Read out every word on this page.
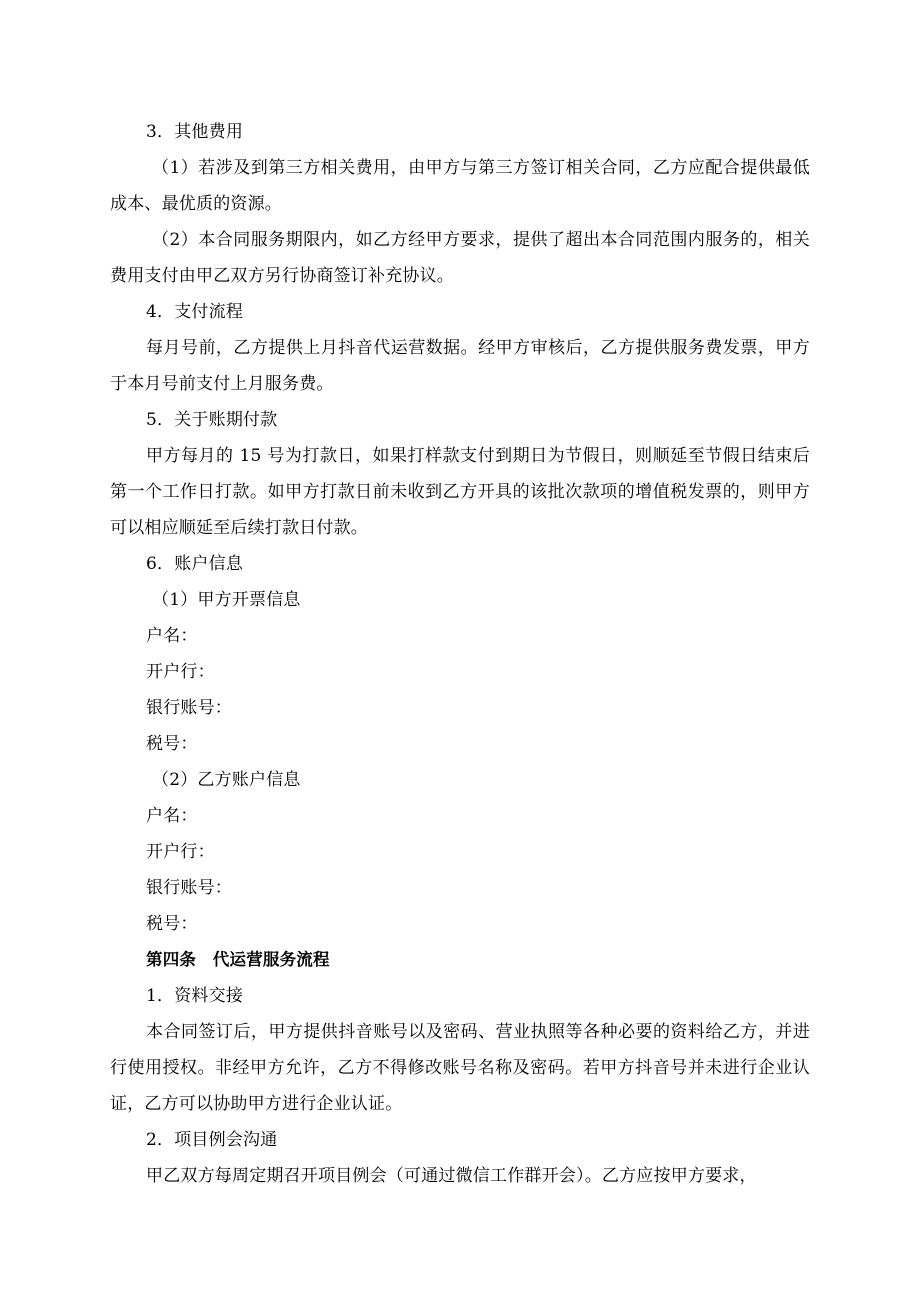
3．其他费用

（1）若涉及到第三方相关费用，由甲方与第三方签订相关合同，乙方应配合提供最低成本、最优质的资源。

（2）本合同服务期限内，如乙方经甲方要求，提供了超出本合同范围内服务的，相关费用支付由甲乙双方另行协商签订补充协议。

4．支付流程

每月号前，乙方提供上月抖音代运营数据。经甲方审核后，乙方提供服务费发票，甲方于本月号前支付上月服务费。

5．关于账期付款

甲方每月的 15 号为打款日，如果打样款支付到期日为节假日，则顺延至节假日结束后第一个工作日打款。如甲方打款日前未收到乙方开具的该批次款项的增值税发票的，则甲方可以相应顺延至后续打款日付款。

6．账户信息

（1）甲方开票信息

户名：

开户行：

银行账号：

税号：

（2）乙方账户信息

户名：

开户行：

银行账号：

税号：

第四条　代运营服务流程

1．资料交接

本合同签订后，甲方提供抖音账号以及密码、营业执照等各种必要的资料给乙方，并进行使用授权。非经甲方允许，乙方不得修改账号名称及密码。若甲方抖音号并未进行企业认证，乙方可以协助甲方进行企业认证。

2．项目例会沟通

甲乙双方每周定期召开项目例会（可通过微信工作群开会）。乙方应按甲方要求，
